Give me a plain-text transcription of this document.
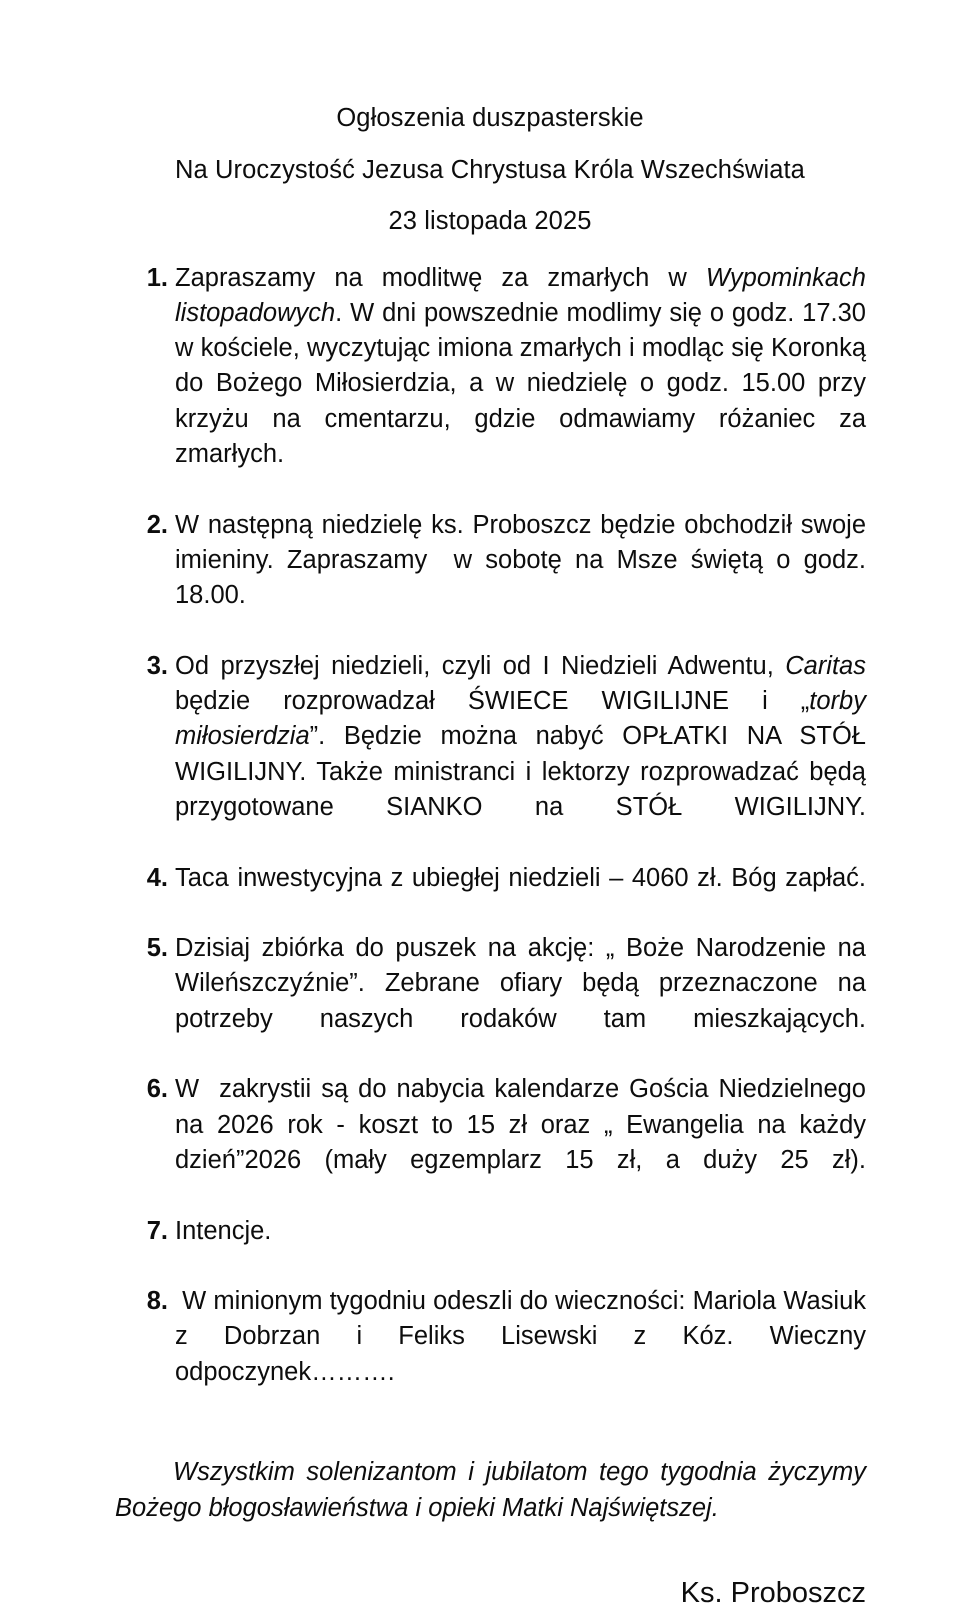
Ogłoszenia duszpasterskie
Na Uroczystość Jezusa Chrystusa Króla Wszechświata
23 listopada 2025
1. Zapraszamy na modlitwę za zmarłych w Wypominkach listopadowych. W dni powszednie modlimy się o godz. 17.30 w kościele, wyczytując imiona zmarłych i modląc się Koronką do Bożego Miłosierdzia, a w niedzielę o godz. 15.00 przy krzyżu na cmentarzu, gdzie odmawiamy różaniec za zmarłych.

2. W następną niedzielę ks. Proboszcz będzie obchodził swoje imieniny. Zapraszamy  w sobotę na Msze świętą o godz. 18.00.

3. Od przyszłej niedzieli, czyli od I Niedzieli Adwentu, Caritas będzie rozprowadzał ŚWIECE WIGILIJNE i „torby miłosierdzia”. Będzie można nabyć OPŁATKI NA STÓŁ WIGILIJNY. Także ministranci i lektorzy rozprowadzać będą  przygotowane SIANKO na STÓŁ WIGILIJNY.

4. Taca inwestycyjna z ubiegłej niedzieli – 4060 zł. Bóg zapłać.

5. Dzisiaj zbiórka do puszek na akcję: „ Boże Narodzenie na Wileńszczyźnie”. Zebrane ofiary będą przeznaczone na potrzeby naszych rodaków tam mieszkających.

6. W  zakrystii są do nabycia kalendarze Gościa Niedzielnego na 2026 rok - koszt to 15 zł oraz „ Ewangelia na każdy dzień”2026 (mały egzemplarz 15 zł, a duży 25 zł).

7. Intencje.

8. W minionym tygodniu odeszli do wieczności: Mariola Wasiuk z Dobrzan i Feliks Lisewski z Kóz. Wieczny odpoczynek……….

Wszystkim solenizantom i jubilatom tego tygodnia życzymy Bożego błogosławieństwa i opieki Matki Najświętszej.

Ks. Proboszcz
